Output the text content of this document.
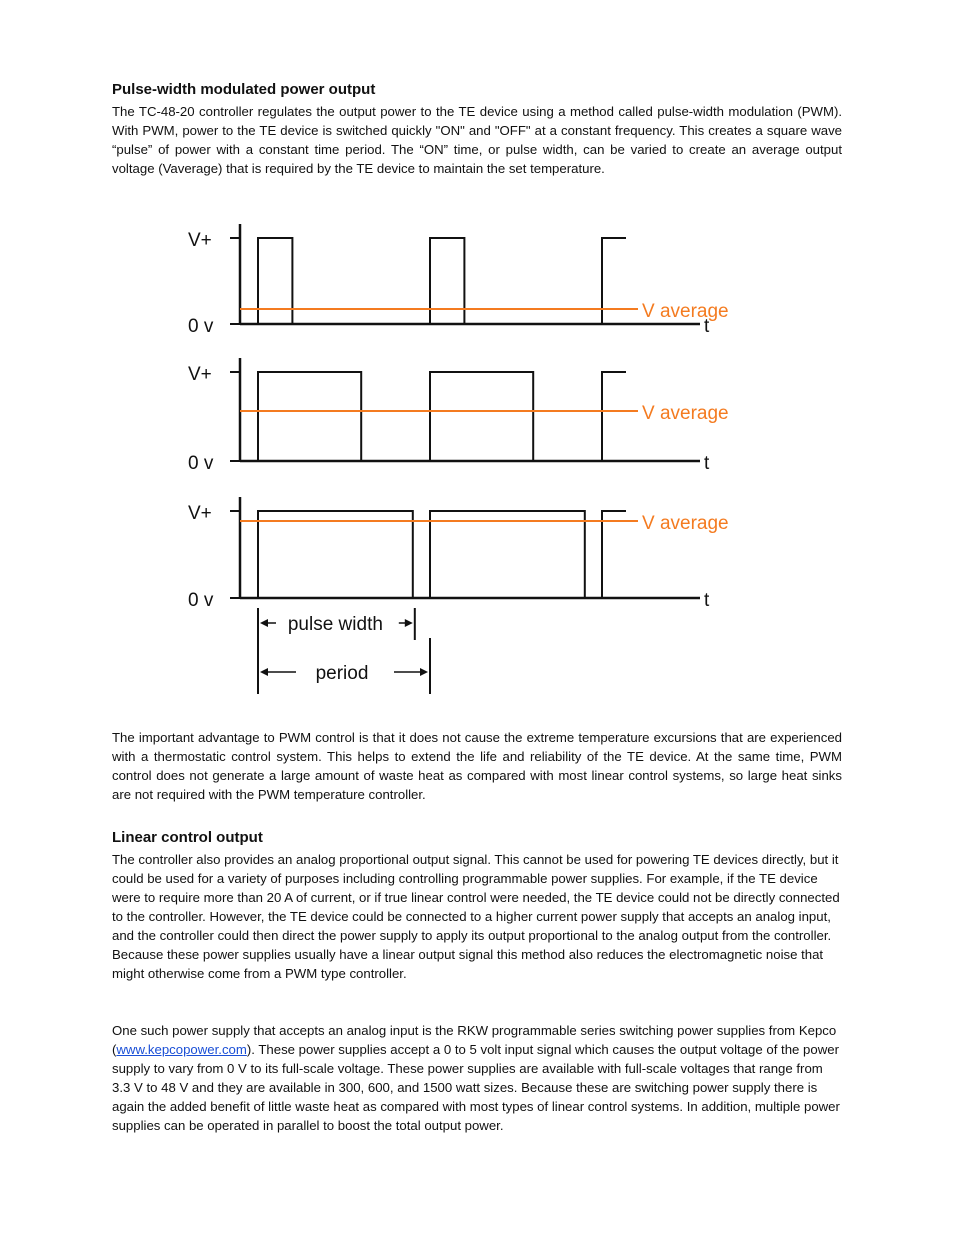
Pulse-width modulated power output

The TC-48-20 controller regulates the output power to the TE device using a method called pulse-width modulation (PWM). With PWM, power to the TE device is switched quickly "ON" and "OFF" at a constant frequency. This creates a square wave “pulse” of power with a constant time period. The “ON” time, or pulse width, can be varied to create an average output voltage (Vaverage) that is required by the TE device to maintain the set temperature.

The important advantage to PWM control is that it does not cause the extreme temperature excursions that are experienced with a thermostatic control system. This helps to extend the life and reliability of the TE device. At the same time, PWM control does not generate a large amount of waste heat as compared with most linear control systems, so large heat sinks are not required with the PWM temperature controller.

Linear control output

The controller also provides an analog proportional output signal. This cannot be used for powering TE devices directly, but it could be used for a variety of purposes including controlling programmable power supplies. For example, if the TE device were to require more than 20 A of current, or if true linear control were needed, the TE device could not be directly connected to the controller. However, the TE device could be connected to a higher current power supply that accepts an analog input, and the controller could then direct the power supply to apply its output proportional to the analog output from the controller. Because these power supplies usually have a linear output signal this method also reduces the electromagnetic noise that might otherwise come from a PWM type controller.

One such power supply that accepts an analog input is the RKW programmable series switching power supplies from Kepco (www.kepcopower.com). These power supplies accept a 0 to 5 volt input signal which causes the output voltage of the power supply to vary from 0 V to its full-scale voltage. These power supplies are available with full-scale voltages that range from 3.3 V to 48 V and they are available in 300, 600, and 1500 watt sizes. Because these are switching power supply there is again the added benefit of little waste heat as compared with most types of linear control systems. In addition, multiple power supplies can be operated in parallel to boost the total output power.

V+
0 v	t
V average
V+
0 v	t
V average
V+
0 v	t
V average
pulse width
period
